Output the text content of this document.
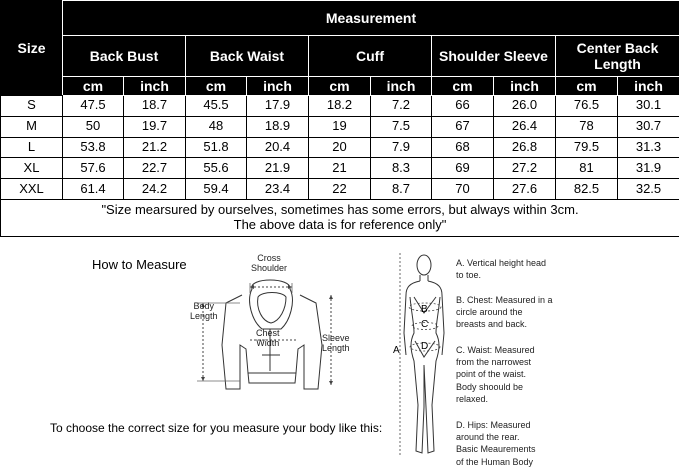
Size	Measurement									
	Back Bust		Back Waist		Cuff		Shoulder Sleeve		Center Back Length	
	cm	inch	cm	inch	cm	inch	cm	inch	cm	inch
S	47.5	18.7	45.5	17.9	18.2	7.2	66	26.0	76.5	30.1
M	50	19.7	48	18.9	19	7.5	67	26.4	78	30.7
L	53.8	21.2	51.8	20.4	20	7.9	68	26.8	79.5	31.3
XL	57.6	22.7	55.6	21.9	21	8.3	69	27.2	81	31.9
XXL	61.4	24.2	59.4	23.4	22	8.7	70	27.6	82.5	32.5

"Size mearsured by ourselves, sometimes has some errors, but always within 3cm.
The above data is for reference only"										
How to Measure	Cross
Shoulder
Body
Length
Chest
Width	Sleeve
Length	A
B
C
D
A. Vertical height head
to toe.
B. Chest: Measured in a
circle around the
breasts and back.
C. Waist: Measured
from the narrowest
point of the waist.
Body shoould be
relaxed.
D. Hips: Measured
around the rear.
Basic Meaurements
of the Human Body
To choose the correct size for you measure your body like this:
